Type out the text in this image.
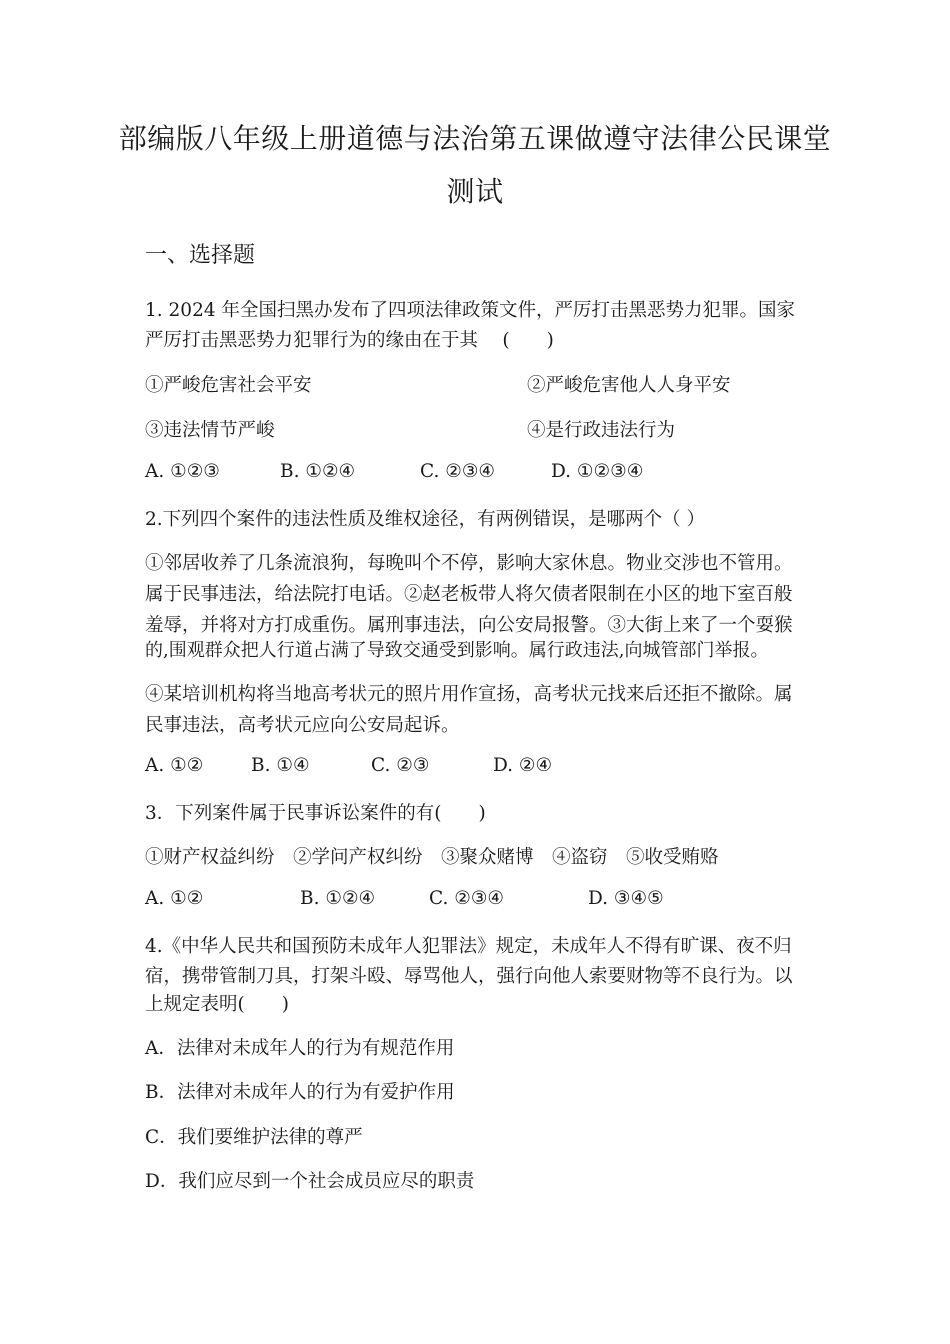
部编版八年级上册道德与法治第五课做遵守法律公民课堂
测试
一、选择题
1. 2024 年全国扫黑办发布了四项法律政策文件，严厉打击黑恶势力犯罪。国家
严厉打击黑恶势力犯罪行为的缘由在于其　 (　　)
①严峻危害社会平安	②严峻危害他人人身平安
③违法情节严峻	④是行政违法行为
A. ①②③	B. ①②④	C. ②③④	D. ①②③④
2.下列四个案件的违法性质及维权途径，有两例错误，是哪两个（ ）
①邻居收养了几条流浪狗，每晚叫个不停，影响大家休息。物业交涉也不管用。
属于民事违法，给法院打电话。②赵老板带人将欠债者限制在小区的地下室百般
羞辱，并将对方打成重伤。属刑事违法，向公安局报警。③大街上来了一个耍猴
的,围观群众把人行道占满了导致交通受到影响。属行政违法,向城管部门举报。
④某培训机构将当地高考状元的照片用作宣扬，高考状元找来后还拒不撤除。属
民事违法，高考状元应向公安局起诉。
A. ①②	B. ①④	C. ②③	D. ②④
3．下列案件属于民事诉讼案件的有(　　)
①财产权益纠纷　②学问产权纠纷　③聚众赌博　④盗窃　⑤收受贿赂
A. ①②	B. ①②④	C. ②③④	D. ③④⑤
4.《中华人民共和国预防未成年人犯罪法》规定，未成年人不得有旷课、夜不归
宿，携带管制刀具，打架斗殴、辱骂他人，强行向他人索要财物等不良行为。以
上规定表明(　　)
A．法律对未成年人的行为有规范作用
B．法律对未成年人的行为有爱护作用
C．我们要维护法律的尊严
D．我们应尽到一个社会成员应尽的职责
